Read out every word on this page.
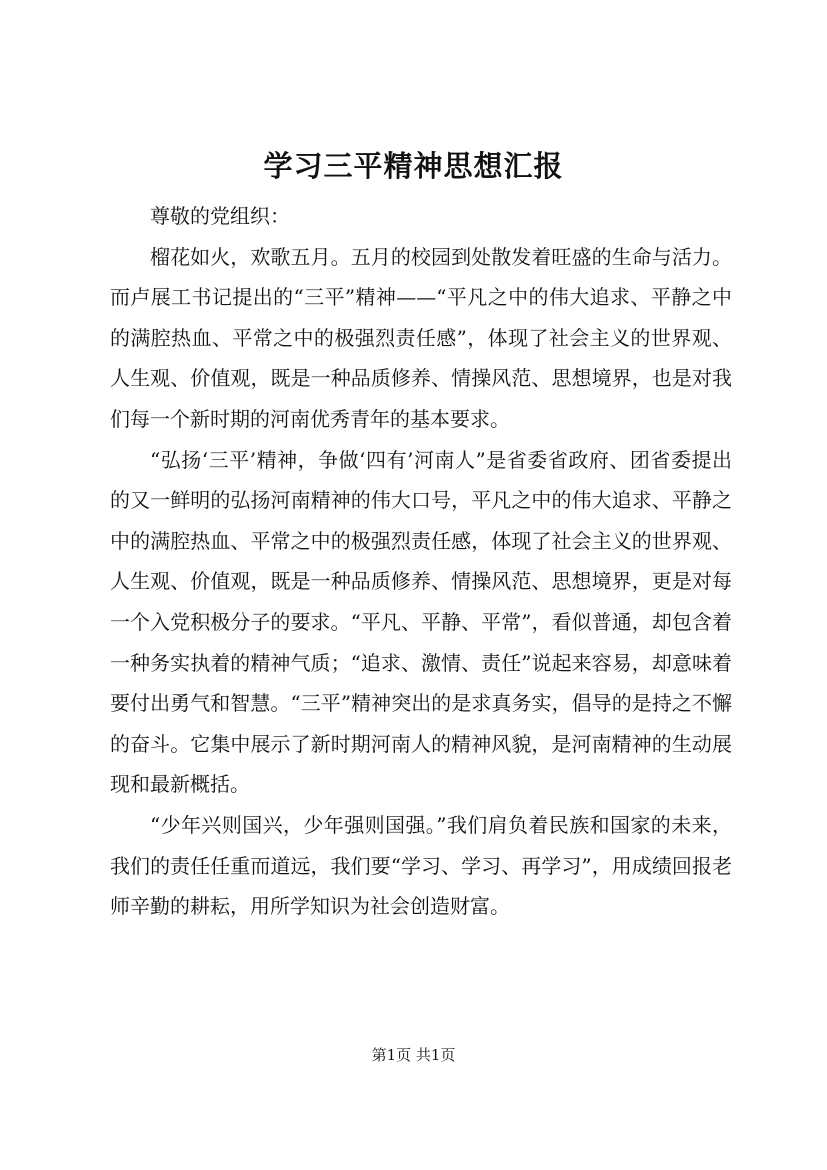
学习三平精神思想汇报

尊敬的党组织：

榴花如火，欢歌五月。五月的校园到处散发着旺盛的生命与活力。而卢展工书记提出的“三平”精神——“平凡之中的伟大追求、平静之中的满腔热血、平常之中的极强烈责任感”，体现了社会主义的世界观、人生观、价值观，既是一种品质修养、情操风范、思想境界，也是对我们每一个新时期的河南优秀青年的基本要求。

“弘扬‘三平’精神，争做‘四有’河南人”是省委省政府、团省委提出的又一鲜明的弘扬河南精神的伟大口号，平凡之中的伟大追求、平静之中的满腔热血、平常之中的极强烈责任感，体现了社会主义的世界观、人生观、价值观，既是一种品质修养、情操风范、思想境界，更是对每一个入党积极分子的要求。“平凡、平静、平常”，看似普通，却包含着一种务实执着的精神气质；“追求、激情、责任”说起来容易，却意味着要付出勇气和智慧。“三平”精神突出的是求真务实，倡导的是持之不懈的奋斗。它集中展示了新时期河南人的精神风貌，是河南精神的生动展现和最新概括。

“少年兴则国兴，少年强则国强。”我们肩负着民族和国家的未来，我们的责任任重而道远，我们要“学习、学习、再学习”，用成绩回报老师辛勤的耕耘，用所学知识为社会创造财富。

第1页 共1页
